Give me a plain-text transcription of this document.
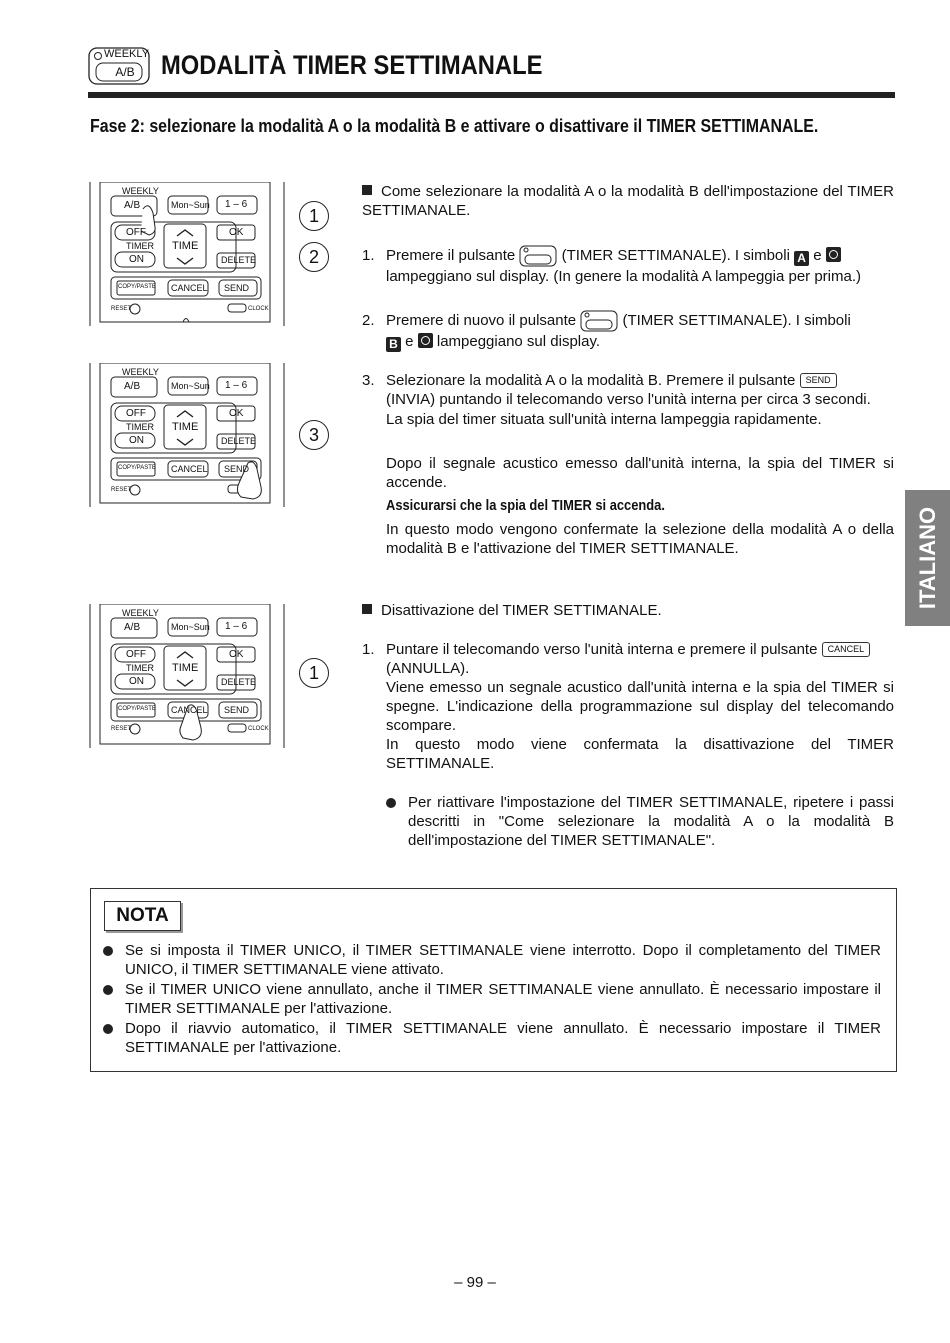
WEEKLY
A/B MODALITÀ TIMER SETTIMANALE
Fase 2: selezionare la modalità A o la modalità B e attivare o disattivare il TIMER SETTIMANALE.
ITALIANO
WEEKLY
A/B	Mon~Sun 1 – 6
OFF	OK
TIMER TIME
ON	DELETE
COPY/PASTE CANCEL SEND
RESET	CLOCK
WEEKLY
A/B	Mon~Sun 1 – 6
OFF	OK
TIMER TIME
ON	DELETE
COPY/PASTE CANCEL SEND
RESET
WEEKLY
A/B	Mon~Sun 1 – 6
OFF	OK
TIMER TIME
ON	DELETE
COPY/PASTE CANCEL SEND
RESET	CLOCK
1
2
3
1
Come selezionare la modalità A o la modalità B dell'impostazione del TIMER SETTIMANALE.
1. Premere il pulsante	(TIMER SETTIMANALE). I simboli A e
lampeggiano sul display. (In genere la modalità A lampeggia per prima.)
2. Premere di nuovo il pulsante	(TIMER SETTIMANALE). I simboli
B e lampeggiano sul display.
3. Selezionare la modalità A o la modalità B. Premere il pulsante SEND
(INVIA) puntando il telecomando verso l'unità interna per circa 3 secondi.
La spia del timer situata sull'unità interna lampeggia rapidamente.
Dopo il segnale acustico emesso dall'unità interna, la spia del TIMER si accende.
Assicurarsi che la spia del TIMER si accenda.
In questo modo vengono confermate la selezione della modalità A o della modalità B e l'attivazione del TIMER SETTIMANALE.
Disattivazione del TIMER SETTIMANALE.
1. Puntare il telecomando verso l'unità interna e premere il pulsante CANCEL
(ANNULLA).
Viene emesso un segnale acustico dall'unità interna e la spia del TIMER si spegne. L'indicazione della programmazione sul display del telecomando scompare.
In questo modo viene confermata la disattivazione del TIMER SETTIMANALE.
Per riattivare l'impostazione del TIMER SETTIMANALE, ripetere i passi descritti in "Come selezionare la modalità A o la modalità B dell'impostazione del TIMER SETTIMANALE".
NOTA
Se si imposta il TIMER UNICO, il TIMER SETTIMANALE viene interrotto. Dopo il completamento del TIMER UNICO, il TIMER SETTIMANALE viene attivato.
Se il TIMER UNICO viene annullato, anche il TIMER SETTIMANALE viene annullato. È necessario impostare il TIMER SETTIMANALE per l'attivazione.
Dopo il riavvio automatico, il TIMER SETTIMANALE viene annullato. È necessario impostare il TIMER SETTIMANALE per l'attivazione.
– 99 –
